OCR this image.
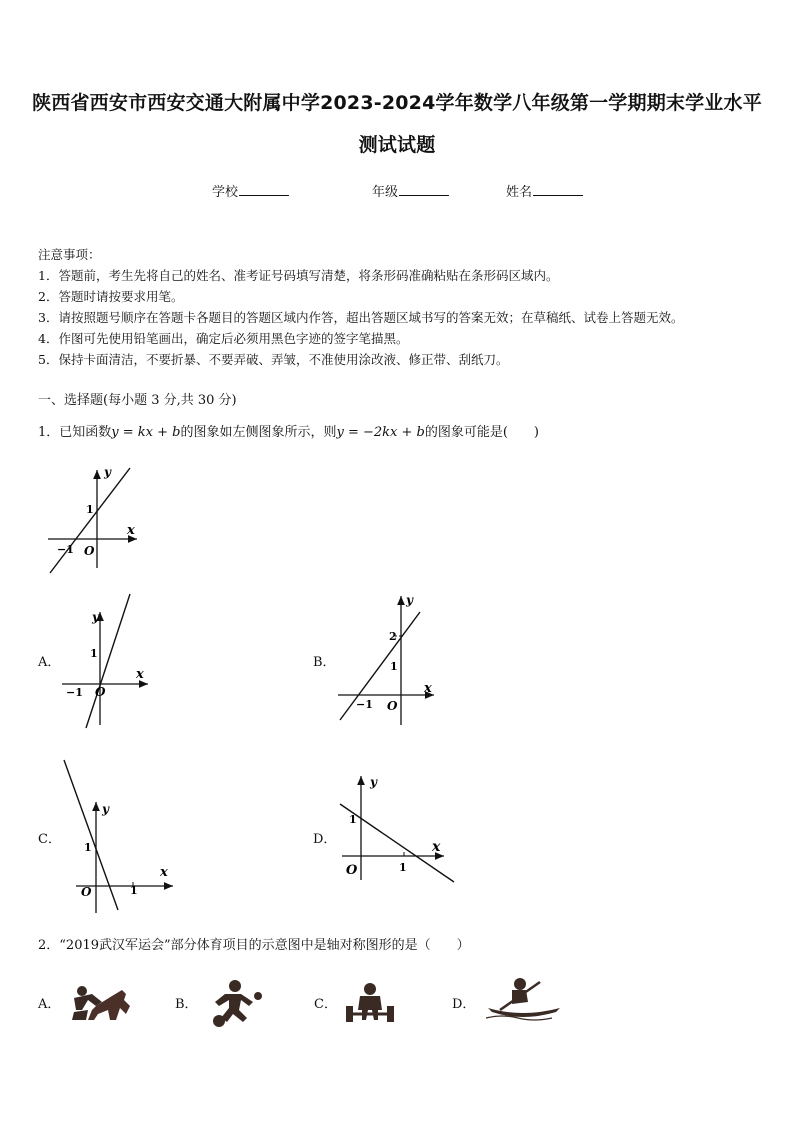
陕西省西安市西安交通大附属中学2023-2024学年数学八年级第一学期期末学业水平
测试试题
学校	年级	姓名
注意事项：
1．答题前，考生先将自己的姓名、准考证号码填写清楚，将条形码准确粘贴在条形码区域内。
2．答题时请按要求用笔。
3．请按照题号顺序在答题卡各题目的答题区域内作答，超出答题区域书写的答案无效；在草稿纸、试卷上答题无效。
4．作图可先使用铅笔画出，确定后必须用黑色字迹的签字笔描黑。
5．保持卡面清洁，不要折暴、不要弄破、弄皱，不准使用涂改液、修正带、刮纸刀。
一、选择题(每小题 3 分,共 30 分)
1．已知函数y = kx + b的图象如左侧图象所示，则y = −2kx + b的图象可能是(　　)
y
x
1
−1 O
A．
y
x
1
−1 O
B．
y
x
2
1
−1 O
C．
y
x
1
1
O
D．
y
x
1
1
O
2．“2019武汉军运会”部分体育项目的示意图中是轴对称图形的是（　　）
A．	B．	C．	D．
